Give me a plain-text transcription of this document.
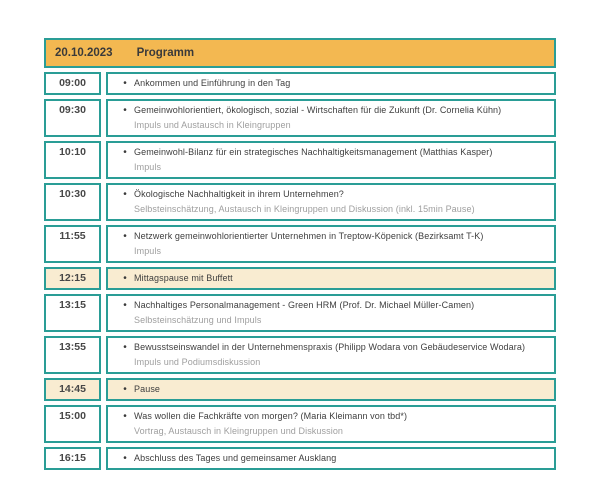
20.10.2023 Programm
09:00	• Ankommen und Einführung in den Tag
09:30	• Gemeinwohlorientiert, ökologisch, sozial - Wirtschaften für die Zukunft (Dr. Cornelia Kühn)
Impuls und Austausch in Kleingruppen
10:10	• Gemeinwohl-Bilanz für ein strategisches Nachhaltigkeitsmanagement (Matthias Kasper)
Impuls
10:30	• Ökologische Nachhaltigkeit in ihrem Unternehmen?
Selbsteinschätzung, Austausch in Kleingruppen und Diskussion (inkl. 15min Pause)
11:55	• Netzwerk gemeinwohlorientierter Unternehmen in Treptow-Köpenick (Bezirksamt T-K)
Impuls
12:15	• Mittagspause mit Buffett
13:15	• Nachhaltiges Personalmanagement - Green HRM (Prof. Dr. Michael Müller-Camen)
Selbsteinschätzung und Impuls
13:55	• Bewusstseinswandel in der Unternehmenspraxis (Philipp Wodara von Gebäudeservice Wodara)
Impuls und Podiumsdiskussion
14:45	• Pause
15:00	• Was wollen die Fachkräfte von morgen? (Maria Kleimann von tbd*)
Vortrag, Austausch in Kleingruppen und Diskussion
16:15	• Abschluss des Tages und gemeinsamer Ausklang
